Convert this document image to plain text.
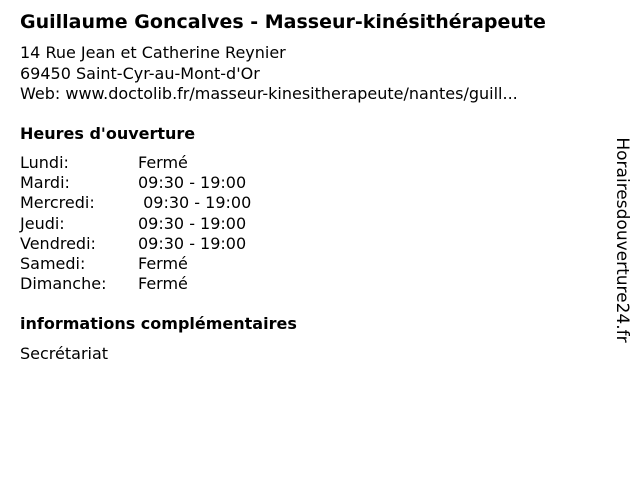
Guillaume Goncalves - Masseur-kinésithérapeute
14 Rue Jean et Catherine Reynier
69450 Saint-Cyr-au-Mont-d'Or
Web: www.doctolib.fr/masseur-kinesitherapeute/nantes/guill...
Heures d'ouverture
Lundi:	Fermé
Mardi:	09:30 - 19:00
Mercredi:	09:30 - 19:00
Jeudi:	09:30 - 19:00
Vendredi:	09:30 - 19:00
Samedi:	Fermé
Dimanche:	Fermé
informations complémentaires
Secrétariat
Horairesdouverture24.fr
